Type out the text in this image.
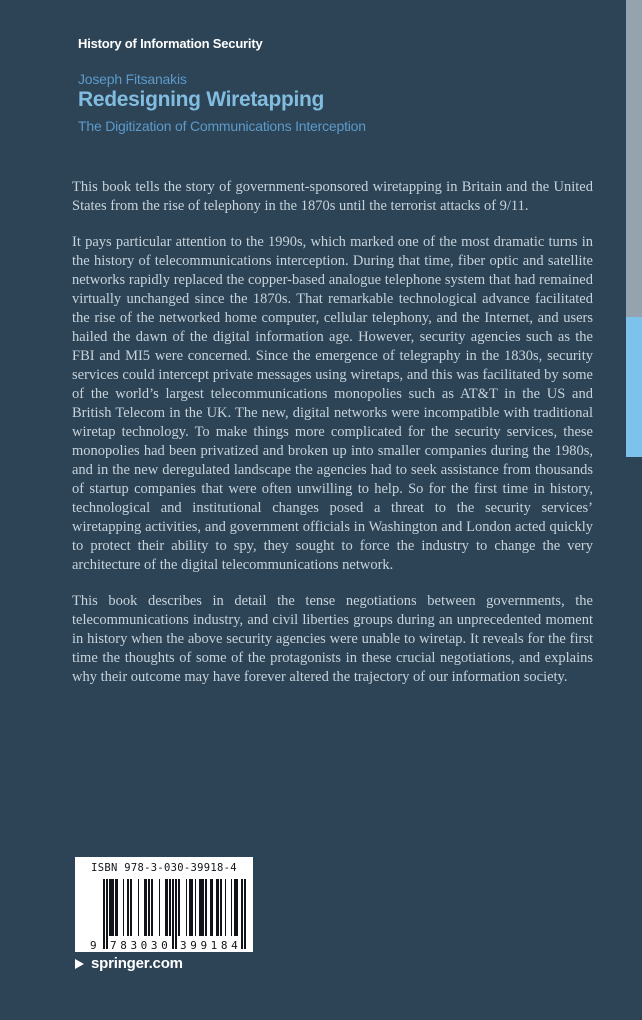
History of Information Security
Joseph Fitsanakis
Redesigning Wiretapping
The Digitization of Communications Interception

This book tells the story of government-sponsored wiretapping in Britain and the United States from the rise of telephony in the 1870s until the terrorist attacks of 9/11.

It pays particular attention to the 1990s, which marked one of the most dramatic turns in the history of telecommunications interception. During that time, fiber optic and satellite networks rapidly replaced the copper-based analogue telephone system that had remained virtually unchanged since the 1870s. That remarkable technological advance facilitated the rise of the networked home computer, cellular telephony, and the Internet, and users hailed the dawn of the digital information age. However, security agencies such as the FBI and MI5 were concerned. Since the emergence of telegraphy in the 1830s, security services could intercept private messages using wiretaps, and this was facilitated by some of the world’s largest telecommunications monopolies such as AT&T in the US and British Telecom in the UK. The new, digital networks were incompatible with traditional wiretap technology. To make things more complicated for the security services, these monopolies had been privatized and broken up into smaller companies during the 1980s, and in the new deregulated landscape the agencies had to seek assistance from thousands of startup companies that were often unwilling to help. So for the first time in history, technological and institutional changes posed a threat to the security services’ wiretapping activities, and government officials in Washington and London acted quickly to protect their ability to spy, they sought to force the industry to change the very architecture of the digital telecommunications network.

This book describes in detail the tense negotiations between governments, the telecommunications industry, and civil liberties groups during an unprecedented moment in history when the above security agencies were unable to wiretap. It reveals for the first time the thoughts of some of the protagonists in these crucial negotiations, and explains why their outcome may have forever altered the trajectory of our information society.

ISBN 978-3-030-39918-4
9 783030 399184
springer.com
